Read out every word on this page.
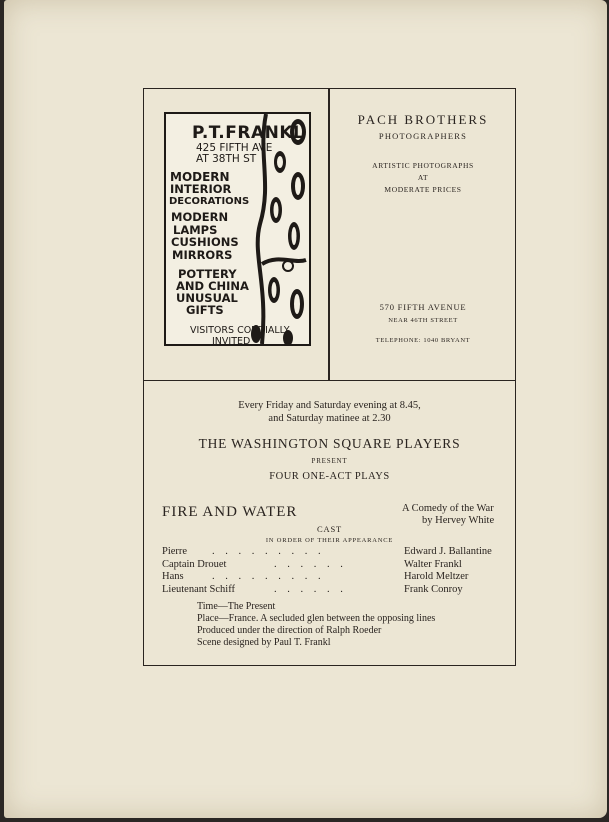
P.T.FRANKL
425 FIFTH AVE
AT 38TH ST
MODERN
INTERIOR
DECORATIONS
MODERN
LAMPS
CUSHIONS
MIRRORS
POTTERY
AND CHINA
UNUSUAL
GIFTS
VISITORS CORDIALLY
INVITED
PACH BROTHERS
PHOTOGRAPHERS
ARTISTIC PHOTOGRAPHS
AT
MODERATE PRICES
570 FIFTH AVENUE
NEAR 46TH STREET
TELEPHONE: 1040 BRYANT
Every Friday and Saturday evening at 8.45,
and Saturday matinee at 2.30
THE WASHINGTON SQUARE PLAYERS
PRESENT
FOUR ONE-ACT PLAYS
FIRE AND WATER	A Comedy of the War
by Hervey White
CAST
IN ORDER OF THEIR APPEARANCE
Pierre . . . . . . . . .	Edward J. Ballantine
Captain Drouet	. . . . . .	Walter Frankl
Hans	. . . . . . . . .	Harold Meltzer
Lieutenant Schiff	. . . . . .	Frank Conroy
Time—The Present
Place—France. A secluded glen between the opposing lines
Produced under the direction of Ralph Roeder
Scene designed by Paul T. Frankl
